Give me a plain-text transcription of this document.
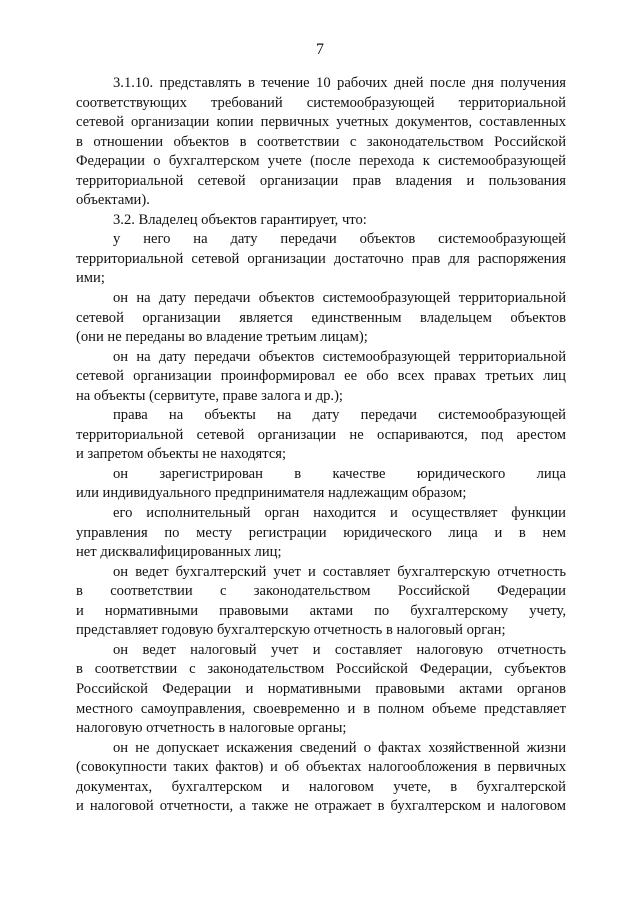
7
3.1.10. представлять в течение 10 рабочих дней после дня получения
соответствующих требований системообразующей территориальной
сетевой организации копии первичных учетных документов, составленных
в отношении объектов в соответствии с законодательством Российской
Федерации о бухгалтерском учете (после перехода к системообразующей
территориальной сетевой организации прав владения и пользования
объектами).
3.2. Владелец объектов гарантирует, что:
у него на дату передачи объектов системообразующей
территориальной сетевой организации достаточно прав для распоряжения
ими;
он на дату передачи объектов системообразующей территориальной
сетевой организации является единственным владельцем объектов
(они не переданы во владение третьим лицам);
он на дату передачи объектов системообразующей территориальной
сетевой организации проинформировал ее обо всех правах третьих лиц
на объекты (сервитуте, праве залога и др.);
права на объекты на дату передачи системообразующей
территориальной сетевой организации не оспариваются, под арестом
и запретом объекты не находятся;
он зарегистрирован в качестве юридического лица
или индивидуального предпринимателя надлежащим образом;
его исполнительный орган находится и осуществляет функции
управления по месту регистрации юридического лица и в нем
нет дисквалифицированных лиц;
он ведет бухгалтерский учет и составляет бухгалтерскую отчетность
в соответствии с законодательством Российской Федерации
и нормативными правовыми актами по бухгалтерскому учету,
представляет годовую бухгалтерскую отчетность в налоговый орган;
он ведет налоговый учет и составляет налоговую отчетность
в соответствии с законодательством Российской Федерации, субъектов
Российской Федерации и нормативными правовыми актами органов
местного самоуправления, своевременно и в полном объеме представляет
налоговую отчетность в налоговые органы;
он не допускает искажения сведений о фактах хозяйственной жизни
(совокупности таких фактов) и об объектах налогообложения в первичных
документах, бухгалтерском и налоговом учете, в бухгалтерской
и налоговой отчетности, а также не отражает в бухгалтерском и налоговом
